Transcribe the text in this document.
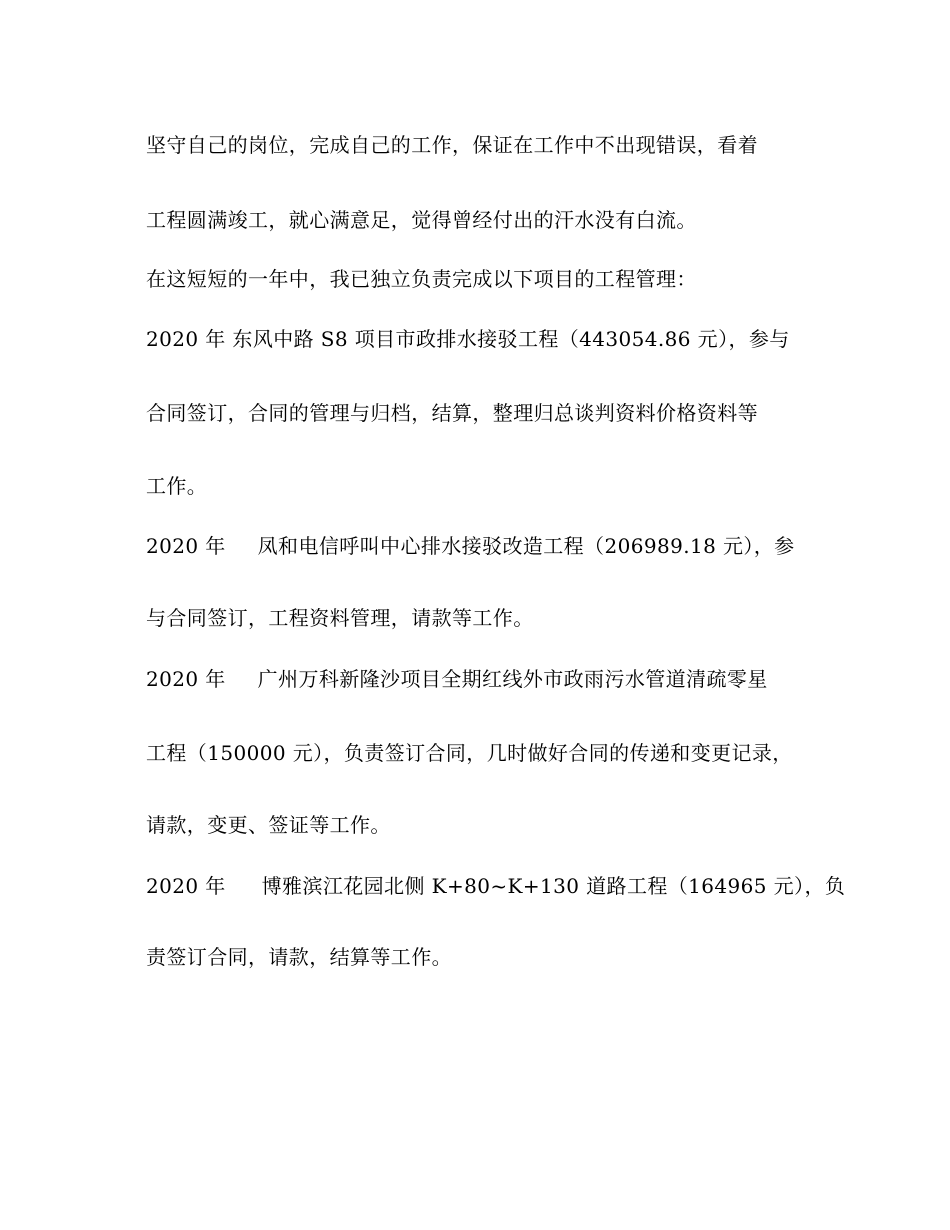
坚守自己的岗位，完成自己的工作，保证在工作中不出现错误，看着
工程圆满竣工，就心满意足，觉得曾经付出的汗水没有白流。
在这短短的一年中，我已独立负责完成以下项目的工程管理：
2020 年 东风中路 S8 项目市政排水接驳工程（443054.86 元），参与
合同签订，合同的管理与归档，结算，整理归总谈判资料价格资料等
工作。
2020 年 凤和电信呼叫中心排水接驳改造工程（206989.18 元），参
与合同签订，工程资料管理，请款等工作。
2020 年 广州万科新隆沙项目全期红线外市政雨污水管道清疏零星
工程（150000 元），负责签订合同，几时做好合同的传递和变更记录，
请款，变更、签证等工作。
2020 年 博雅滨江花园北侧 K+80~K+130 道路工程（164965 元），负
责签订合同，请款，结算等工作。
